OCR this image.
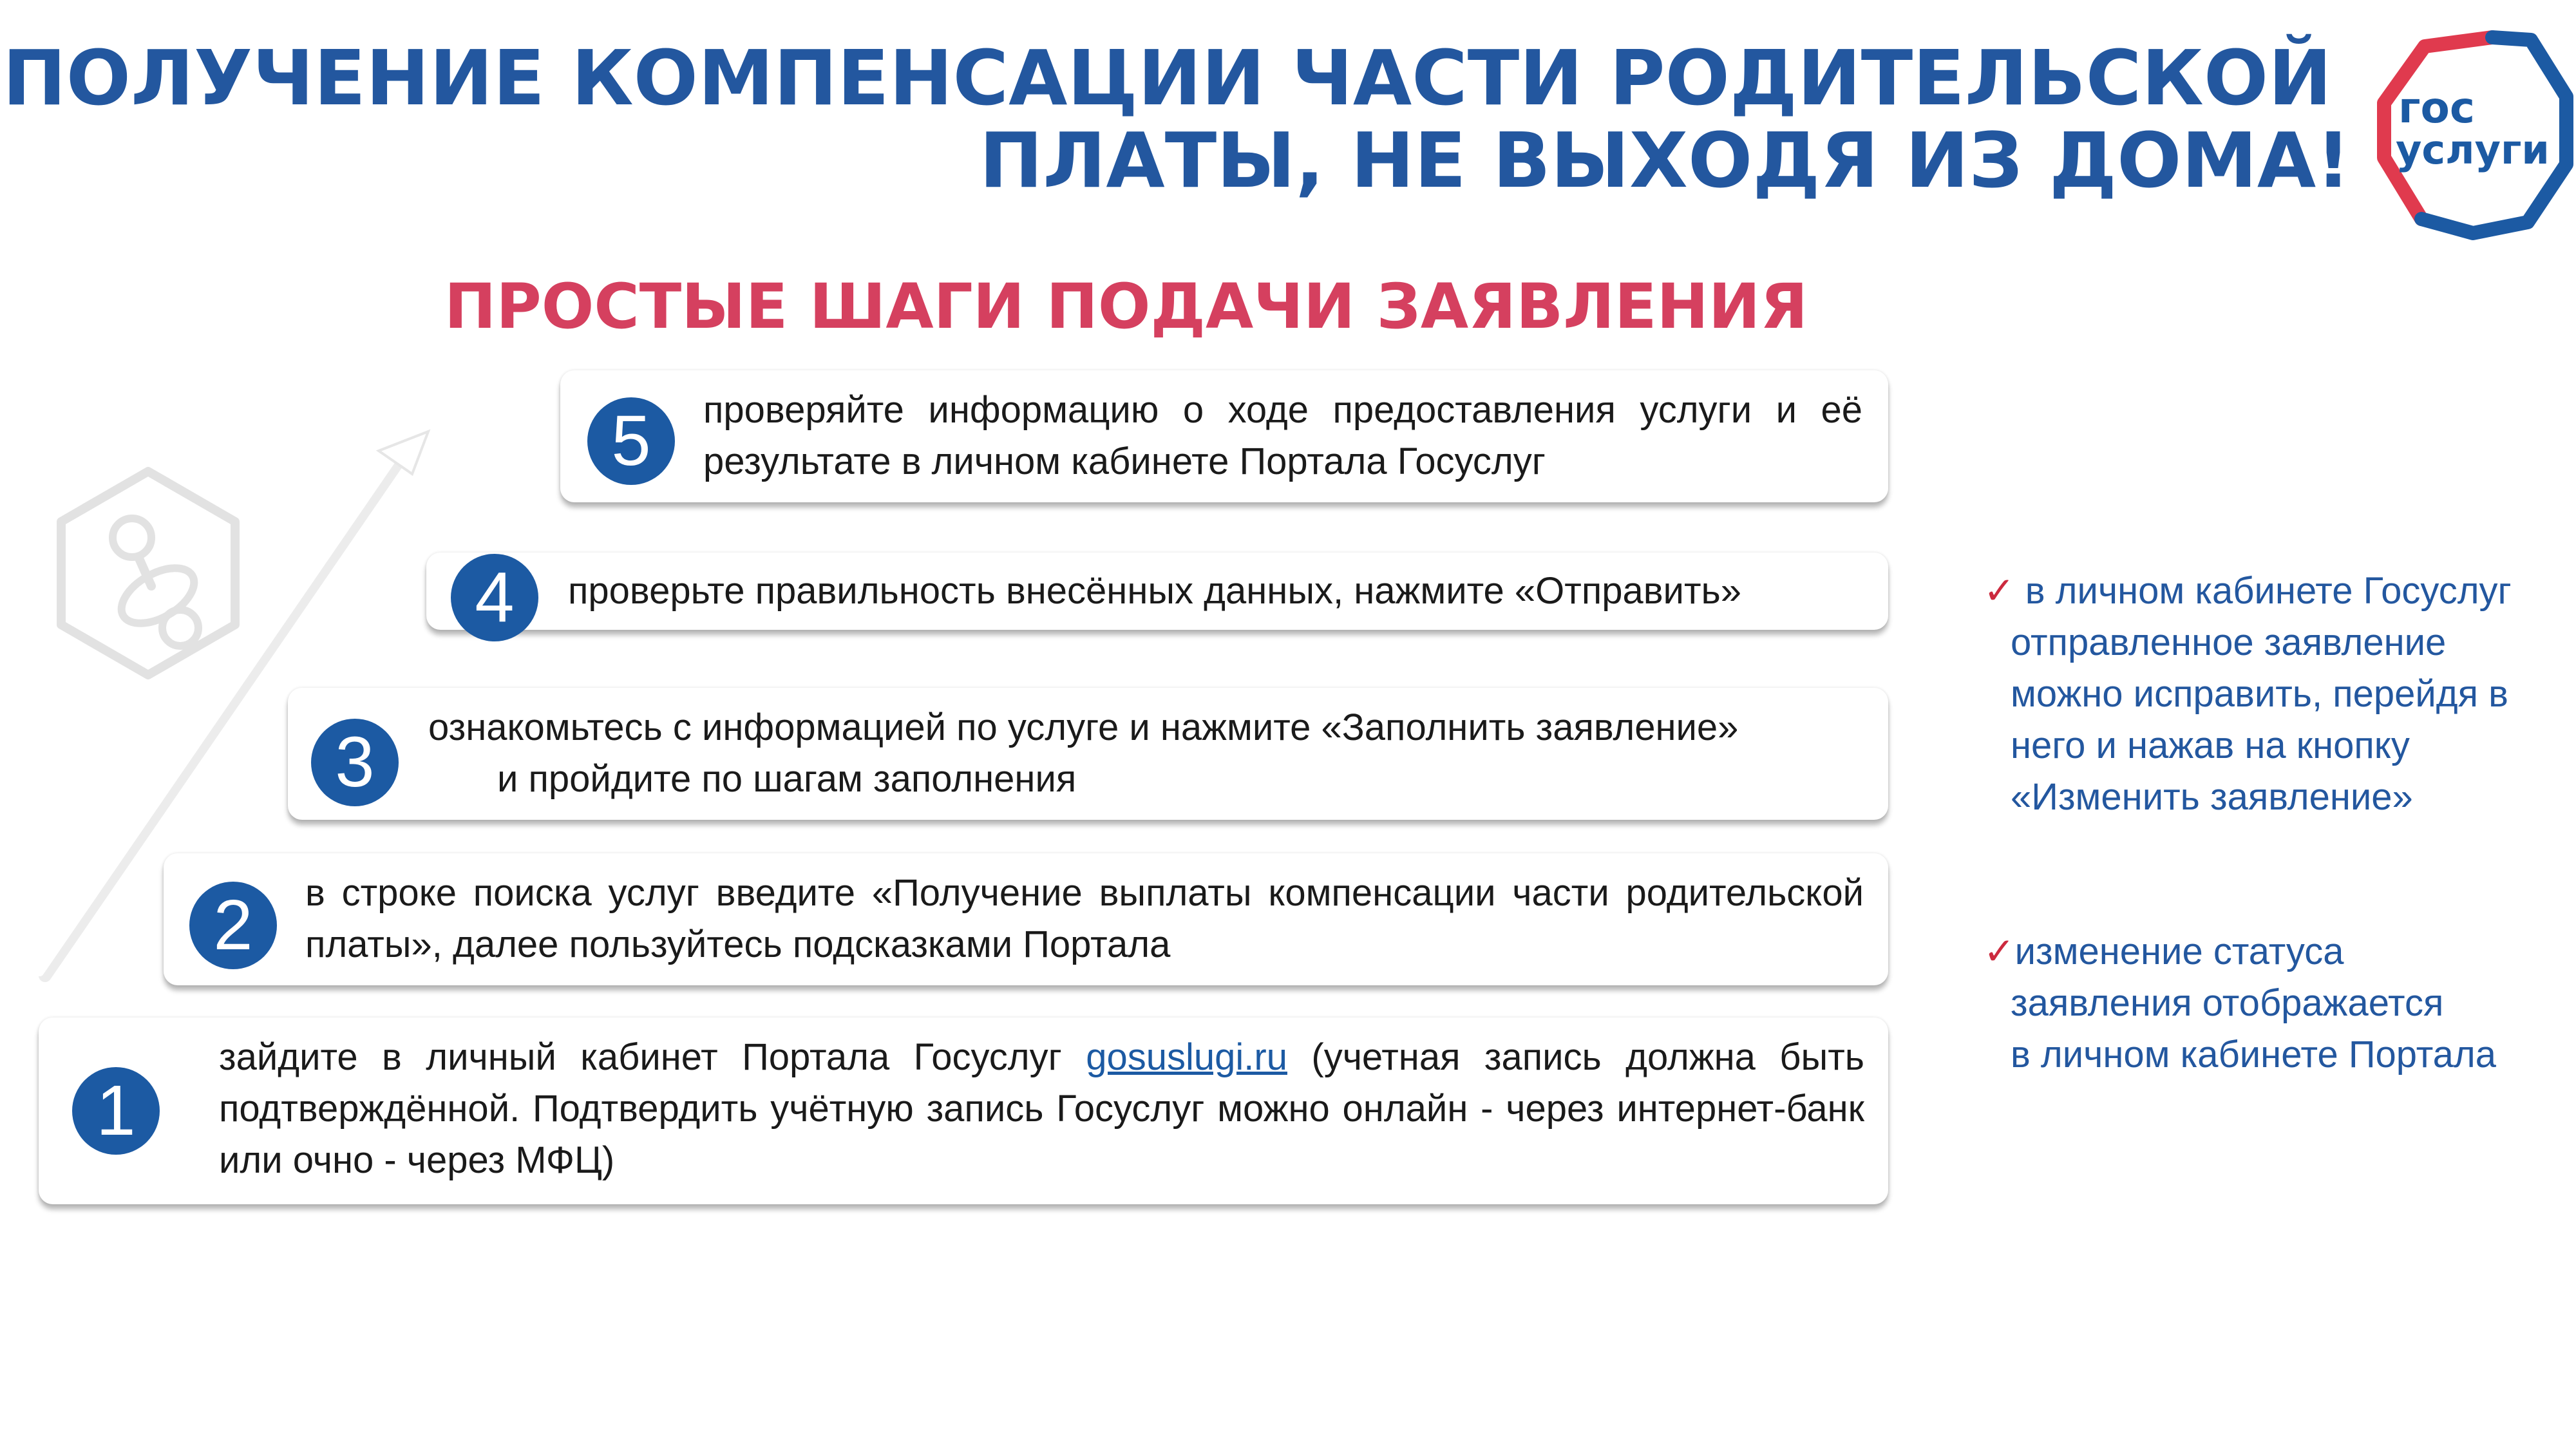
ПОЛУЧЕНИЕ КОМПЕНСАЦИИ ЧАСТИ РОДИТЕЛЬСКОЙ
ПЛАТЫ, НЕ ВЫХОДЯ ИЗ ДОМА!
гос
услуги
ПРОСТЫЕ ШАГИ ПОДАЧИ ЗАЯВЛЕНИЯ
5	проверяйте информацию о ходе предоставления услуги и её результате в личном кабинете Портала Госуслуг
4	проверьте правильность внесённых данных, нажмите «Отправить»
3	ознакомьтесь с информацией по услуге и нажмите «Заполнить заявление»
и пройдите по шагам заполнения
2	в строке поиска услуг введите «Получение выплаты компенсации части родительской платы», далее пользуйтесь подсказками Портала
1
зайдите в личный кабинет Портала Госуслуг gosuslugi.ru (учетная запись должна быть подтверждённой. Подтвердить учётную запись Госуслуг можно онлайн - через интернет-банк или очно - через МФЦ)
✓ в личном кабинете Госуслуг
отправленное заявление
можно исправить, перейдя в
него и нажав на кнопку
«Изменить заявление»
✓изменение статуса
заявления отображается
в личном кабинете Портала
